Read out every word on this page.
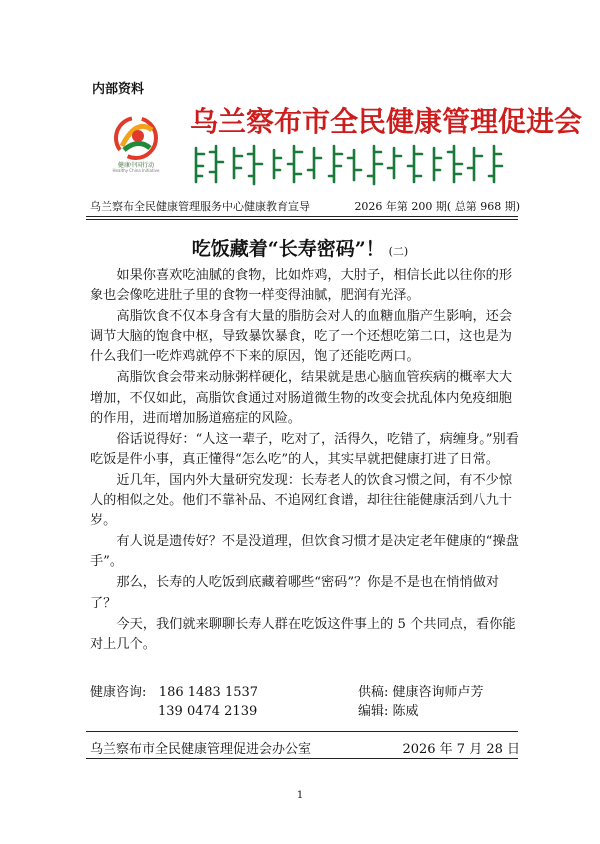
内部资料
健康中国行动
Healthy China Initiative
乌兰察布市全民健康管理促进会
乌兰察布全民健康管理服务中心健康教育宣导	2026 年第 200 期( 总第 968 期)
吃饭藏着“长寿密码”！ (二)

如果你喜欢吃油腻的食物，比如炸鸡，大肘子，相信长此以往你的形象也会像吃进肚子里的食物一样变得油腻，肥润有光泽。

高脂饮食不仅本身含有大量的脂肪会对人的血糖血脂产生影响，还会调节大脑的饱食中枢，导致暴饮暴食，吃了一个还想吃第二口，这也是为什么我们一吃炸鸡就停不下来的原因，饱了还能吃两口。

高脂饮食会带来动脉粥样硬化，结果就是患心脑血管疾病的概率大大增加，不仅如此，高脂饮食通过对肠道微生物的改变会扰乱体内免疫细胞的作用，进而增加肠道癌症的风险。

俗话说得好：“人这一辈子，吃对了，活得久，吃错了，病缠身。”别看吃饭是件小事，真正懂得“怎么吃”的人，其实早就把健康打进了日常。

近几年，国内外大量研究发现：长寿老人的饮食习惯之间，有不少惊人的相似之处。他们不靠补品、不追网红食谱，却往往能健康活到八九十岁。

有人说是遗传好？不是没道理，但饮食习惯才是决定老年健康的“操盘手”。

那么，长寿的人吃饭到底藏着哪些“密码”？你是不是也在悄悄做对了？

今天，我们就来聊聊长寿人群在吃饭这件事上的 5 个共同点，看你能对上几个。

健康咨询: 186 1483 1537
139 0474 2139
供稿: 健康咨询师卢芳
编辑: 陈威
乌兰察布市全民健康管理促进会办公室	2026 年 7 月 28 日
1
